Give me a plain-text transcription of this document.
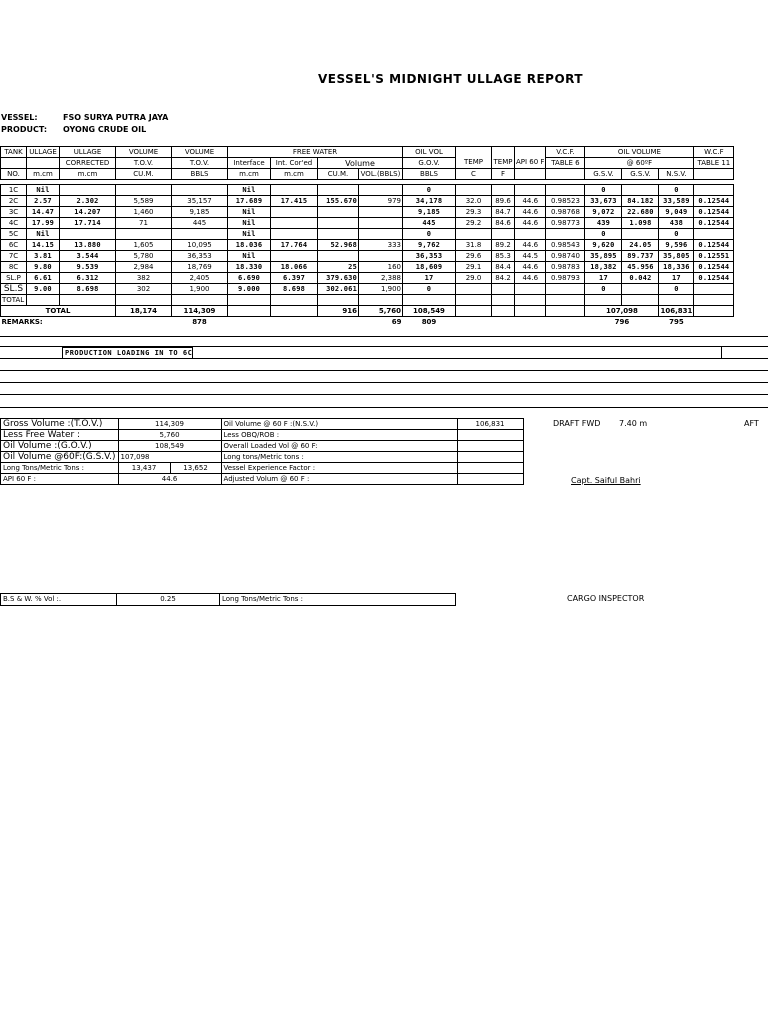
VESSEL'S MIDNIGHT ULLAGE REPORT
VESSEL:	FSO SURYA PUTRA JAYA
PRODUCT: OYONG CRUDE OIL
TANK	ULLAGE	ULLAGE	VOLUME	VOLUME	FREE WATER				OIL VOL				V.C.F.	OIL VOLUME			W.C.F
		CORRECTED	T.O.V.	T.O.V.	Interface	Int. Cor'ed	Volume		G.O.V.	TEMP	TEMP	API 60 F	TABLE 6	@ 60ºF			TABLE 11
NO.	m.cm	m.cm	CU.M.	BBLS	m.cm	m.cm	CU.M.	VOL.(BBLS)	BBLS	C	F			G.S.V.	G.S.V.	N.S.V.	

1C	Nil				Nil				0					0		0	
2C	2.57	2.302	5,589	35,157	17.689	17.415	155.670	979	34,178	32.0	89.6	44.6	0.98523	33,673	84.182	33,589	0.12544
3C	14.47	14.207	1,460	9,185	Nil				9,185	29.3	84.7	44.6	0.98768	9,072	22.680	9,049	0.12544
4C	17.99	17.714	71	445	Nil				445	29.2	84.6	44.6	0.98773	439	1.098	438	0.12544
5C	Nil				Nil				0					0		0	
6C	14.15	13.880	1,605	10,095	18.036	17.764	52.968	333	9,762	31.8	89.2	44.6	0.98543	9,620	24.05	9,596	0.12544
7C	3.81	3.544	5,780	36,353	Nil				36,353	29.6	85.3	44.5	0.98740	35,895	89.737	35,805	0.12551
8C	9.80	9.539	2,984	18,769	18.330	18.066	25	160	18,609	29.1	84.4	44.6	0.98783	18,382	45.956	18,336	0.12544
SL.P	6.61	6.312	382	2,405	6.690	6.397	379.630	2,388	17	29.0	84.2	44.6	0.98793	17	0.042	17	0.12544
SL.S	9.00	8.698	302	1,900	9.000	8.698	302.061	1,900	0					0		0	
TOTAL																	
TOTAL			18,174	114,309			916	5,760	108,549					107,098		106,831	
REMARKS:				878				69	809					796		795	
PRODUCTION LOADING IN TO 6C
Gross Volume :(T.O.V.)	114,309		Oil Volume @ 60 F :(N.S.V.)	106,831
Less Free Water :	5,760		Less OBQ/ROB :	
Oil Volume :(G.O.V.)	108,549		Overall Loaded Vol @ 60 F:	
Oil Volume @60F:(G.S.V.)	107,098		Long tons/Metric tons :	
Long Tons/Metric Tons :	13,437	13,652	Vessel Experience Factor :	
API 60 F :	44.6		Adjusted Volum @ 60 F :	
DRAFT FWD 7.40 m	AFT
Capt. Saiful Bahri
B.S & W. % Vol :.	0.25	Long Tons/Metric Tons :	CARGO INSPECTOR
